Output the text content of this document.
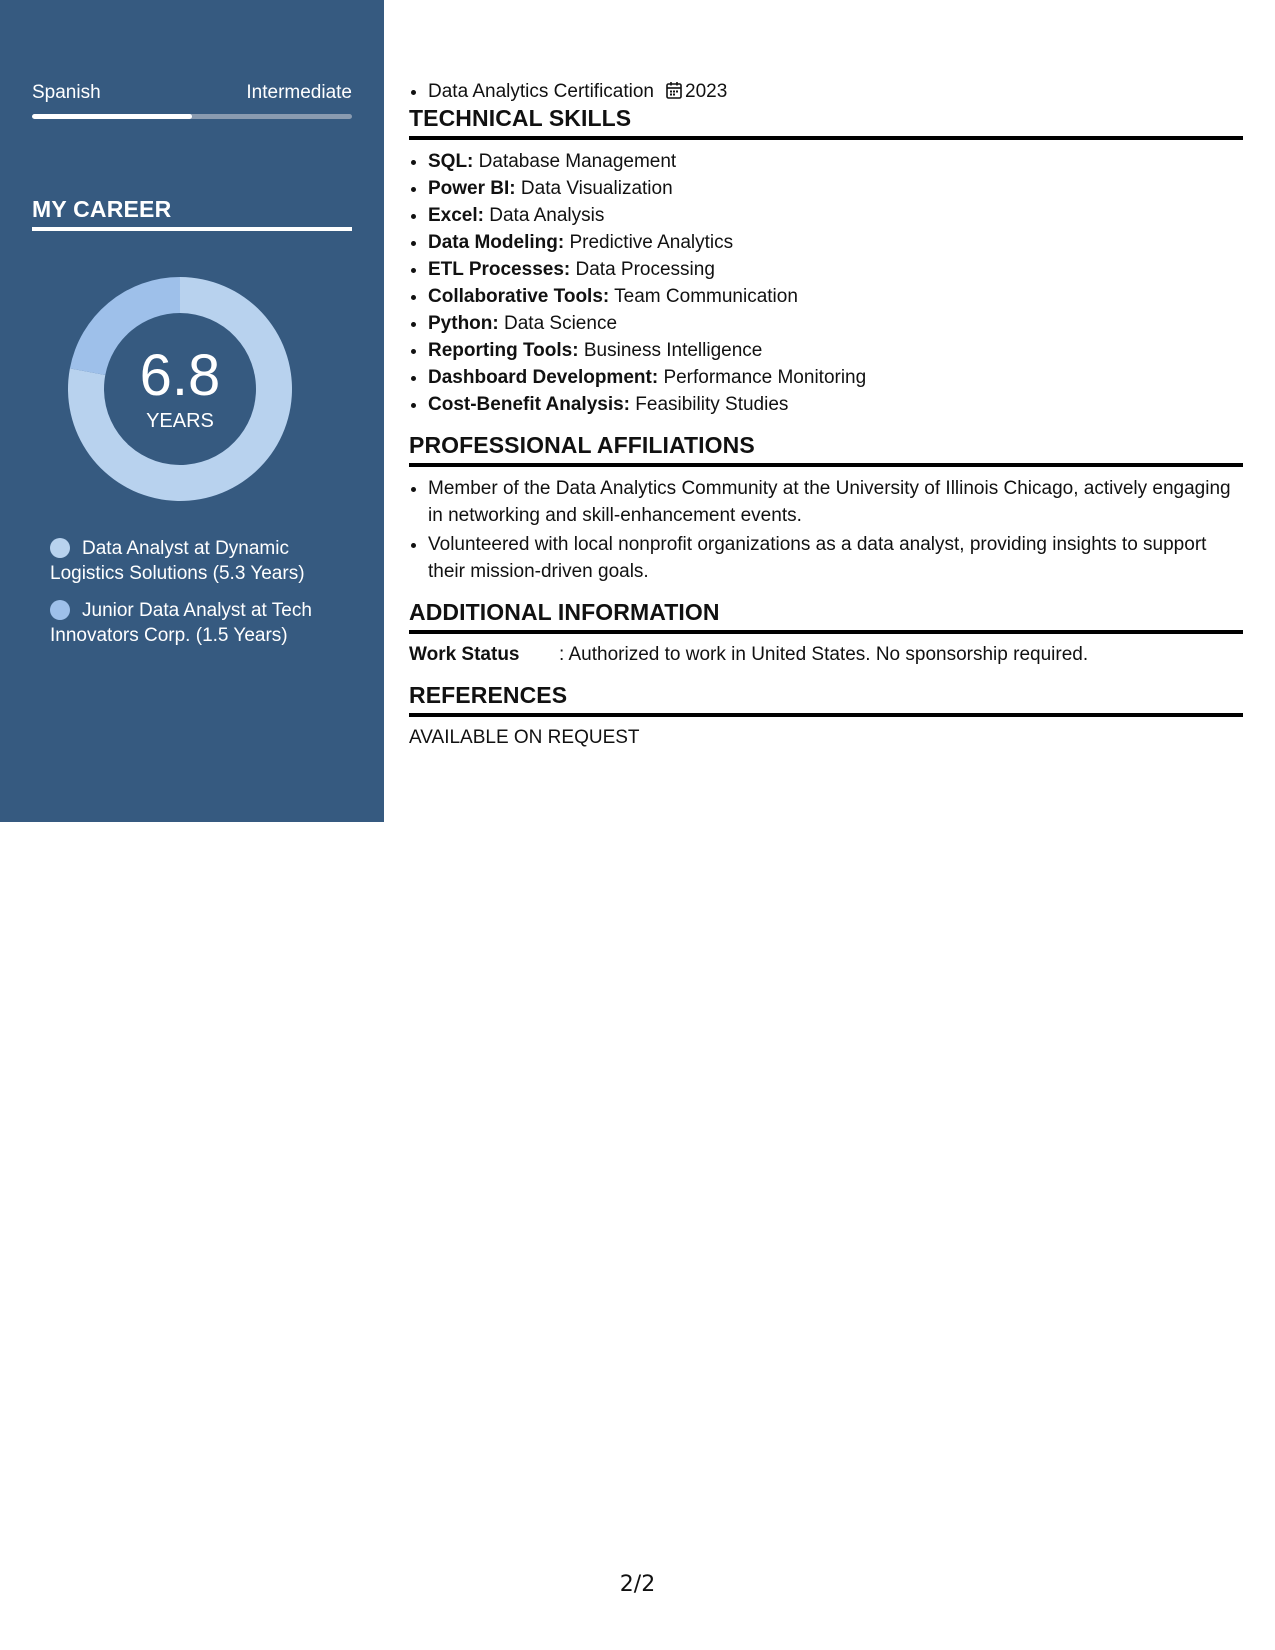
Spanish	Intermediate
MY CAREER
6.8
YEARS
Data Analyst at Dynamic Logistics Solutions (5.3 Years)
Junior Data Analyst at Tech Innovators Corp. (1.5 Years)
• Data Analytics Certification 2023
TECHNICAL SKILLS
• SQL: Database Management
• Power BI: Data Visualization
• Excel: Data Analysis
• Data Modeling: Predictive Analytics
• ETL Processes: Data Processing
• Collaborative Tools: Team Communication
• Python: Data Science
• Reporting Tools: Business Intelligence
• Dashboard Development: Performance Monitoring
• Cost-Benefit Analysis: Feasibility Studies
PROFESSIONAL AFFILIATIONS
• Member of the Data Analytics Community at the University of Illinois Chicago, actively engaging in networking and skill-enhancement events.
• Volunteered with local nonprofit organizations as a data analyst, providing insights to support their mission-driven goals.
ADDITIONAL INFORMATION
Work Status	: Authorized to work in United States. No sponsorship required.
REFERENCES
AVAILABLE ON REQUEST
2/2
